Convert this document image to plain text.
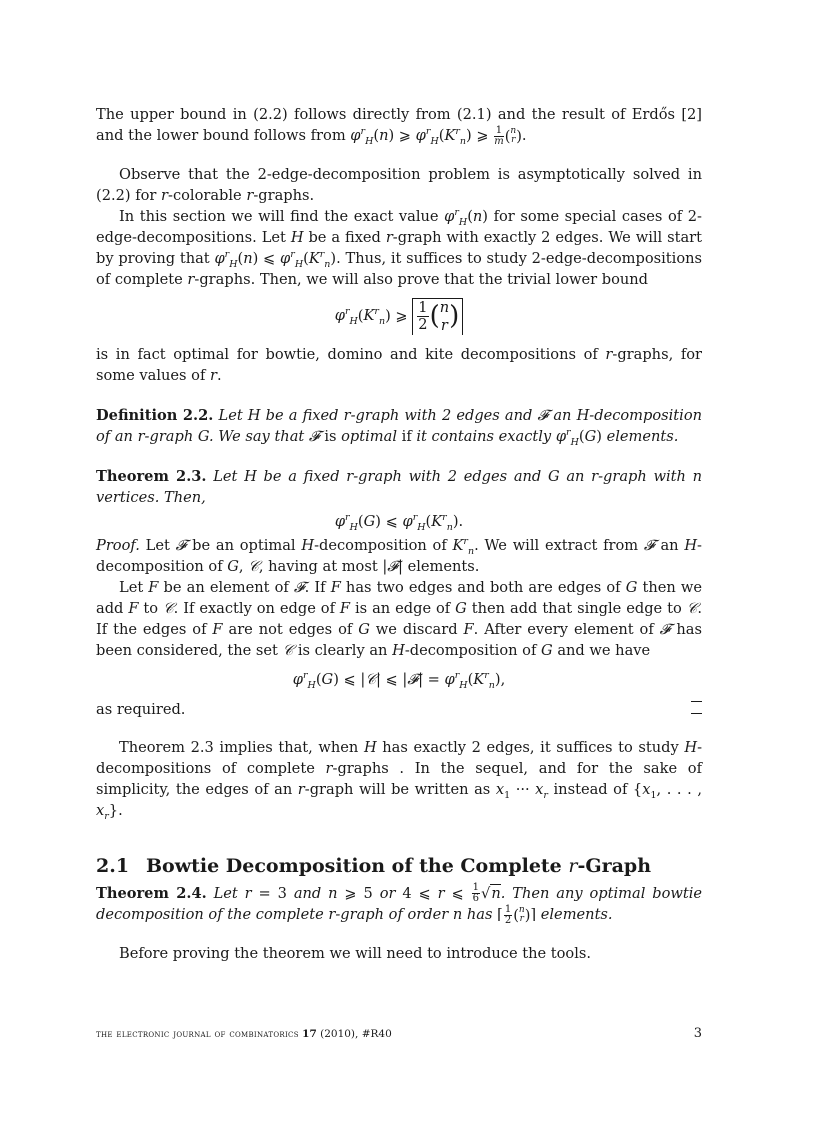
The upper bound in (2.2) follows directly from (2.1) and the result of Erdős [2] and the lower bound follows from $\varphi^r_H(n)$ ⩾ $\varphi^r_H(K^r_n)$ ⩾ $\frac{1}{m}$ ( n
r ) .

Observe that the 2-edge-decomposition problem is asymptotically solved in (2.2) for r-colorable r-graphs.

In this section we will find the exact value $\varphi^r_H(n)$ for some special cases of 2-edge-decompositions. Let H be a fixed r-graph with exactly 2 edges. We will start by proving that $\varphi^r_H(n)$ ⩽ $\varphi^r_H(K^r_n)$. Thus, it suffices to study 2-edge-decompositions of complete r-graphs. Then, we will also prove that the trivial lower bound

$\varphi^r_H(K^r_n)$ ⩾ $\frac{1}{2}$ ( n
r )

is in fact optimal for bowtie, domino and kite decompositions of r-graphs, for some values of r.

Definition 2.2. Let H be a fixed r-graph with 2 edges and 𝓕 an H-decomposition of an r-graph G. We say that 𝓕 is optimal if it contains exactly $\varphi^r_H(G)$ elements.

Theorem 2.3. Let H be a fixed r-graph with 2 edges and G an r-graph with n vertices. Then,

$\varphi^r_H(G)$ ⩽ $\varphi^r_H(K^r_n)$.

Proof. Let 𝓕 be an optimal H-decomposition of $K^r_n$. We will extract from 𝓕 an H-decomposition of G, 𝒞, having at most |𝓕| elements.

Let F be an element of 𝓕. If F has two edges and both are edges of G then we add F to 𝒞. If exactly on edge of F is an edge of G then add that single edge to 𝒞. If the edges of F are not edges of G we discard F. After every element of 𝓕 has been considered, the set 𝒞 is clearly an H-decomposition of G and we have

$\varphi^r_H(G)$ ⩽ |𝒞| ⩽ |𝓕| = $\varphi^r_H(K^r_n)$,

as required.

Theorem 2.3 implies that, when H has exactly 2 edges, it suffices to study H-decompositions of complete r-graphs . In the sequel, and for the sake of simplicity, the edges of an r-graph will be written as $x_1$ ··· $x_r$ instead of {$x_1$, . . . , $x_r$}.

2.1 Bowtie Decomposition of the Complete r-Graph

Theorem 2.4. Let r = 3 and n ⩾ 5 or 4 ⩽ r ⩽ $\frac{1}{6} √n$. Then any optimal bowtie decomposition of the complete r-graph of order n has ⌈ $\frac{1}{2}$ ( n
r ) ⌉ elements.

Before proving the theorem we will need to introduce the tools.

the electronic journal of combinatorics 17 (2010), #R40	3
